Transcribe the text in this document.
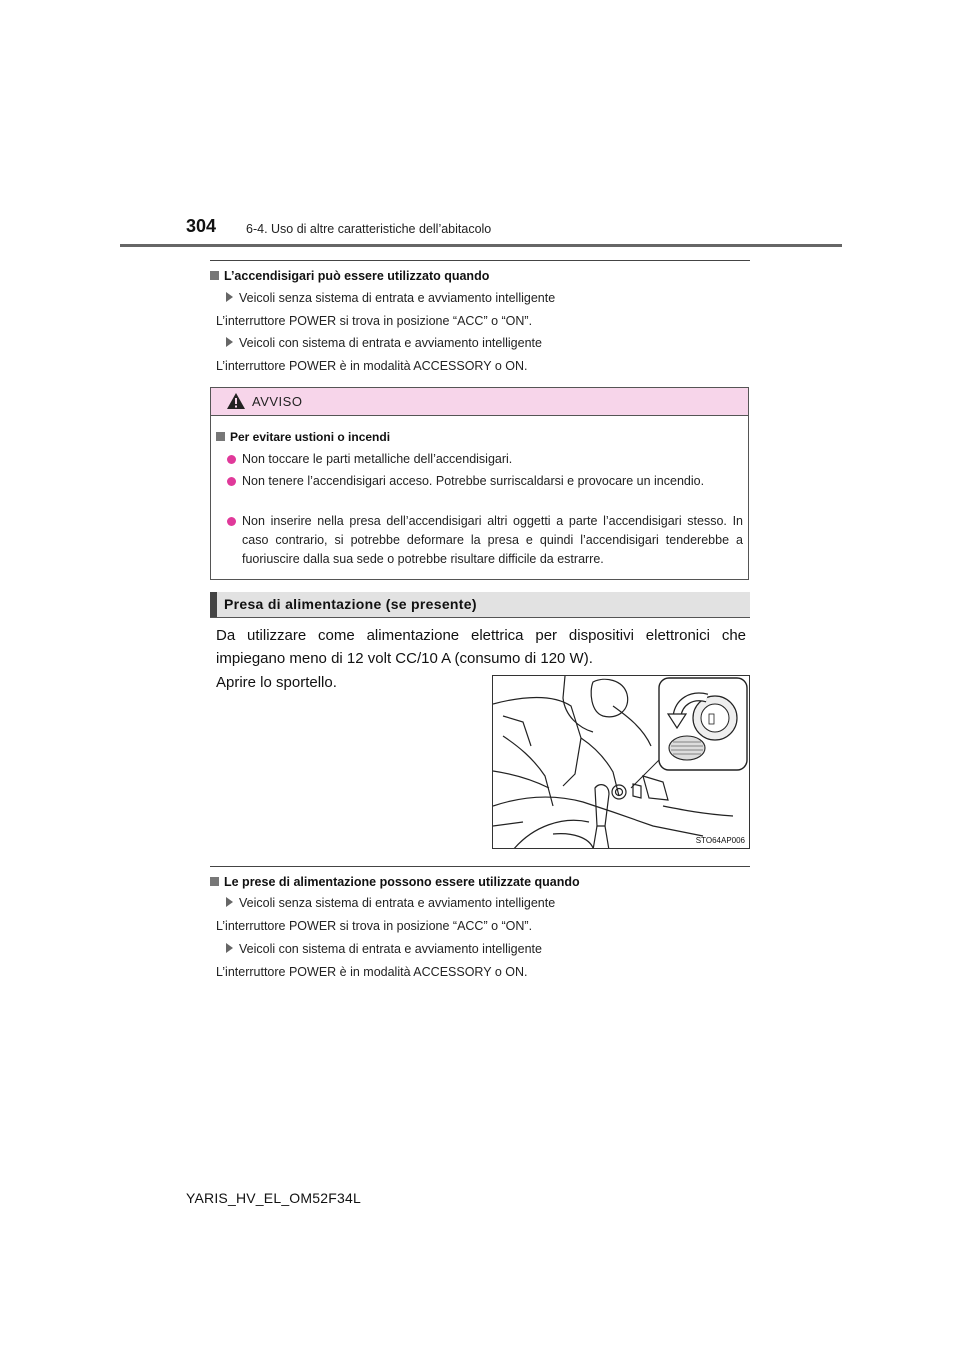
304 6-4. Uso di altre caratteristiche dell’abitacolo
L’accendisigari può essere utilizzato quando
Veicoli senza sistema di entrata e avviamento intelligente
L’interruttore POWER si trova in posizione “ACC” o “ON”.
Veicoli con sistema di entrata e avviamento intelligente
L’interruttore POWER è in modalità ACCESSORY o ON.
AVVISO
Per evitare ustioni o incendi
Non toccare le parti metalliche dell’accendisigari.
Non tenere l’accendisigari acceso. Potrebbe surriscaldarsi e provocare un incendio.
Non inserire nella presa dell’accendisigari altri oggetti a parte l’accendisigari stesso. In caso contrario, si potrebbe deformare la presa e quindi l’accendisigari tenderebbe a fuoriuscire dalla sua sede o potrebbe risultare difficile da estrarre.
Presa di alimentazione (se presente)
Da utilizzare come alimentazione elettrica per dispositivi elettronici che impiegano meno di 12 volt CC/10 A (consumo di 120 W).
Aprire lo sportello.
STO64AP006
Le prese di alimentazione possono essere utilizzate quando
Veicoli senza sistema di entrata e avviamento intelligente
L’interruttore POWER si trova in posizione “ACC” o “ON”.
Veicoli con sistema di entrata e avviamento intelligente
L’interruttore POWER è in modalità ACCESSORY o ON.
YARIS_HV_EL_OM52F34L
